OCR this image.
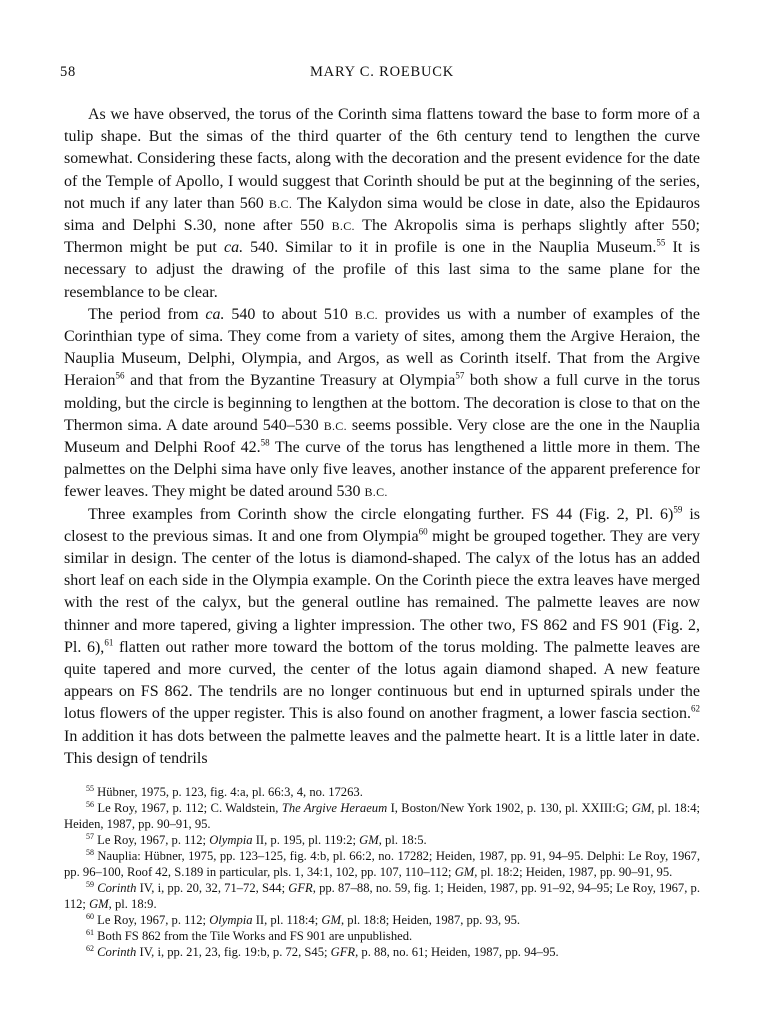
58	MARY C. ROEBUCK

As we have observed, the torus of the Corinth sima flattens toward the base to form more of a tulip shape. But the simas of the third quarter of the 6th century tend to lengthen the curve somewhat. Considering these facts, along with the decoration and the present evidence for the date of the Temple of Apollo, I would suggest that Corinth should be put at the beginning of the series, not much if any later than 560 B.C. The Kalydon sima would be close in date, also the Epidauros sima and Delphi S.30, none after 550 B.C. The Akropolis sima is perhaps slightly after 550; Thermon might be put ca. 540. Similar to it in profile is one in the Nauplia Museum.$^{55}$ It is necessary to adjust the drawing of the profile of this last sima to the same plane for the resemblance to be clear.

The period from ca. 540 to about 510 B.C. provides us with a number of examples of the Corinthian type of sima. They come from a variety of sites, among them the Argive Heraion, the Nauplia Museum, Delphi, Olympia, and Argos, as well as Corinth itself. That from the Argive Heraion$^{56}$ and that from the Byzantine Treasury at Olympia$^{57}$ both show a full curve in the torus molding, but the circle is beginning to lengthen at the bottom. The decoration is close to that on the Thermon sima. A date around 540–530 B.C. seems possible. Very close are the one in the Nauplia Museum and Delphi Roof 42.58 The curve of the torus has lengthened a little more in them. The palmettes on the Delphi sima have only five leaves, another instance of the apparent preference for fewer leaves. They might be dated around 530 B.C.

Three examples from Corinth show the circle elongating further. FS 44 (Fig. 2, Pl. 6)$^{59}$ is closest to the previous simas. It and one from Olympia$^{60}$ might be grouped together. They are very similar in design. The center of the lotus is diamond-shaped. The calyx of the lotus has an added short leaf on each side in the Olympia example. On the Corinth piece the extra leaves have merged with the rest of the calyx, but the general outline has remained. The palmette leaves are now thinner and more tapered, giving a lighter impression. The other two, FS 862 and FS 901 (Fig. 2, Pl. 6),$^{61}$ flatten out rather more toward the bottom of the torus molding. The palmette leaves are quite tapered and more curved, the center of the lotus again diamond shaped. A new feature appears on FS 862. The tendrils are no longer continuous but end in upturned spirals under the lotus flowers of the upper register. This is also found on another fragment, a lower fascia section.$^{62}$ In addition it has dots between the palmette leaves and the palmette heart. It is a little later in date. This design of tendrils

$^{55}$ Hübner, 1975, p. 123, fig. 4:a, pl. 66:3, 4, no. 17263.

$^{56}$ Le Roy, 1967, p. 112; C. Waldstein, The Argive Heraeum I, Boston/New York 1902, p. 130, pl. XXIII:G; GM, pl. 18:4; Heiden, 1987, pp. 90–91, 95.

$^{57}$ Le Roy, 1967, p. 112; Olympia II, p. 195, pl. 119:2; GM, pl. 18:5.

$^{58}$ Nauplia: Hübner, 1975, pp. 123–125, fig. 4:b, pl. 66:2, no. 17282; Heiden, 1987, pp. 91, 94–95. Delphi: Le Roy, 1967, pp. 96–100, Roof 42, S.189 in particular, pls. 1, 34:1, 102, pp. 107, 110–112; GM, pl. 18:2; Heiden, 1987, pp. 90–91, 95.

$^{59}$ Corinth IV, i, pp. 20, 32, 71–72, S44; GFR, pp. 87–88, no. 59, fig. 1; Heiden, 1987, pp. 91–92, 94–95; Le Roy, 1967, p. 112; GM, pl. 18:9.

$^{60}$ Le Roy, 1967, p. 112; Olympia II, pl. 118:4; GM, pl. 18:8; Heiden, 1987, pp. 93, 95.

$^{61}$ Both FS 862 from the Tile Works and FS 901 are unpublished.

$^{62}$ Corinth IV, i, pp. 21, 23, fig. 19:b, p. 72, S45; GFR, p. 88, no. 61; Heiden, 1987, pp. 94–95.
